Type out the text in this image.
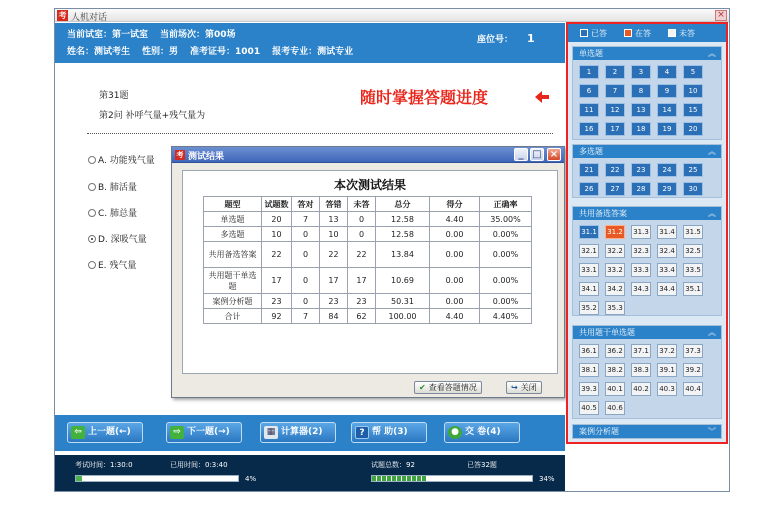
考 人机对话	×
当前试室：第一试室 当前场次：第00场
姓名：测试考生 性别：男 准考证号：1001 报考专业：测试专业
座位号： 1
第31题
第2问 补呼气量+残气量为
A. 功能残气量
B. 肺活量
C. 肺总量
D. 深吸气量
E. 残气量
随时掌握答题进度
考 测试结果	_ □ ×
本次测试结果
题型	试题数	答对	答错	未答	总分	得分	正确率
单选题	20	7	13	0	12.58	4.40	35.00%
多选题	10	0	10	0	12.58	0.00	0.00%
共用备选答案	22	0	22	22	13.84	0.00	0.00%
共用题干单选题	17	0	17	17	10.69	0.00	0.00%
案例分析题	23	0	23	23	50.31	0.00	0.00%
合计	92	7	84	62	100.00	4.40	4.40%
✔ 查看答题情况	↪ 关闭
⇦ 上一题(←)	⇨ 下一题(→)	▦ 计算器(2)	? 帮 助(3)	● 交 卷(4)
考试时间：1:30:0	已用时间：0:3:40
4%
试题总数：92	已答32题
34%
已答	在答	未答
单选题	︽
1	2	3	4	5
6	7	8	9	10
11	12	13	14	15
16	17	18	19	20
多选题	︽
21	22	23	24	25
26	27	28	29	30
共用备选答案	︽
31.1	31.2	31.3	31.4	31.5
32.1	32.2	32.3	32.4	32.5
33.1	33.2	33.3	33.4	33.5
34.1	34.2	34.3	34.4	35.1
35.2	35.3
共用题干单选题	︽
36.1	36.2	37.1	37.2	37.3
38.1	38.2	38.3	39.1	39.2
39.3	40.1	40.2	40.3	40.4
40.5	40.6
案例分析题	︾
